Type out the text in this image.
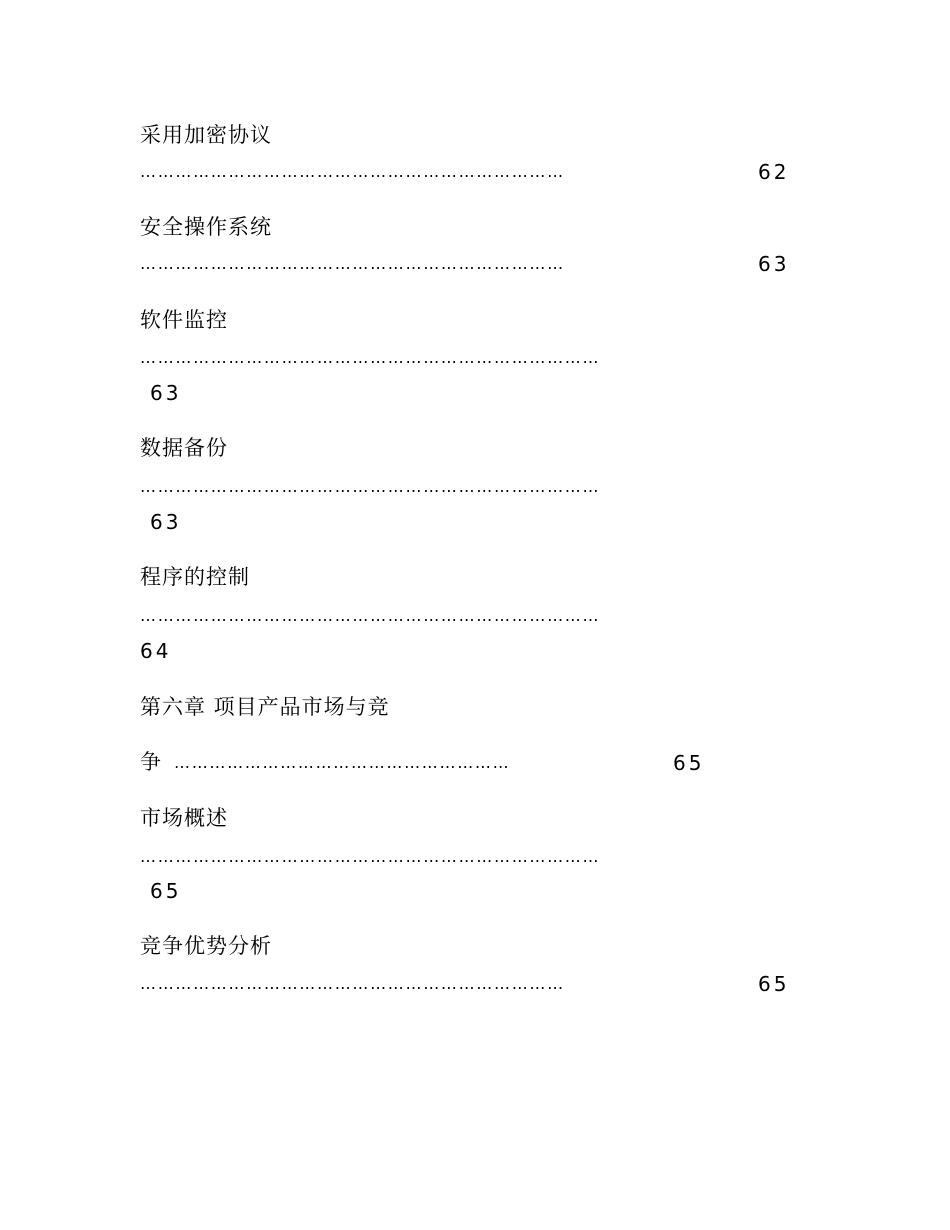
采用加密协议
………………………………………………………………	62
安全操作系统
………………………………………………………………	63
软件监控
……………………………………………………………………
63
数据备份
……………………………………………………………………
63
程序的控制
……………………………………………………………………
64
第六章 项目产品市场与竞
争 …………………………………………………	65
市场概述
……………………………………………………………………
65
竞争优势分析
………………………………………………………………	65
